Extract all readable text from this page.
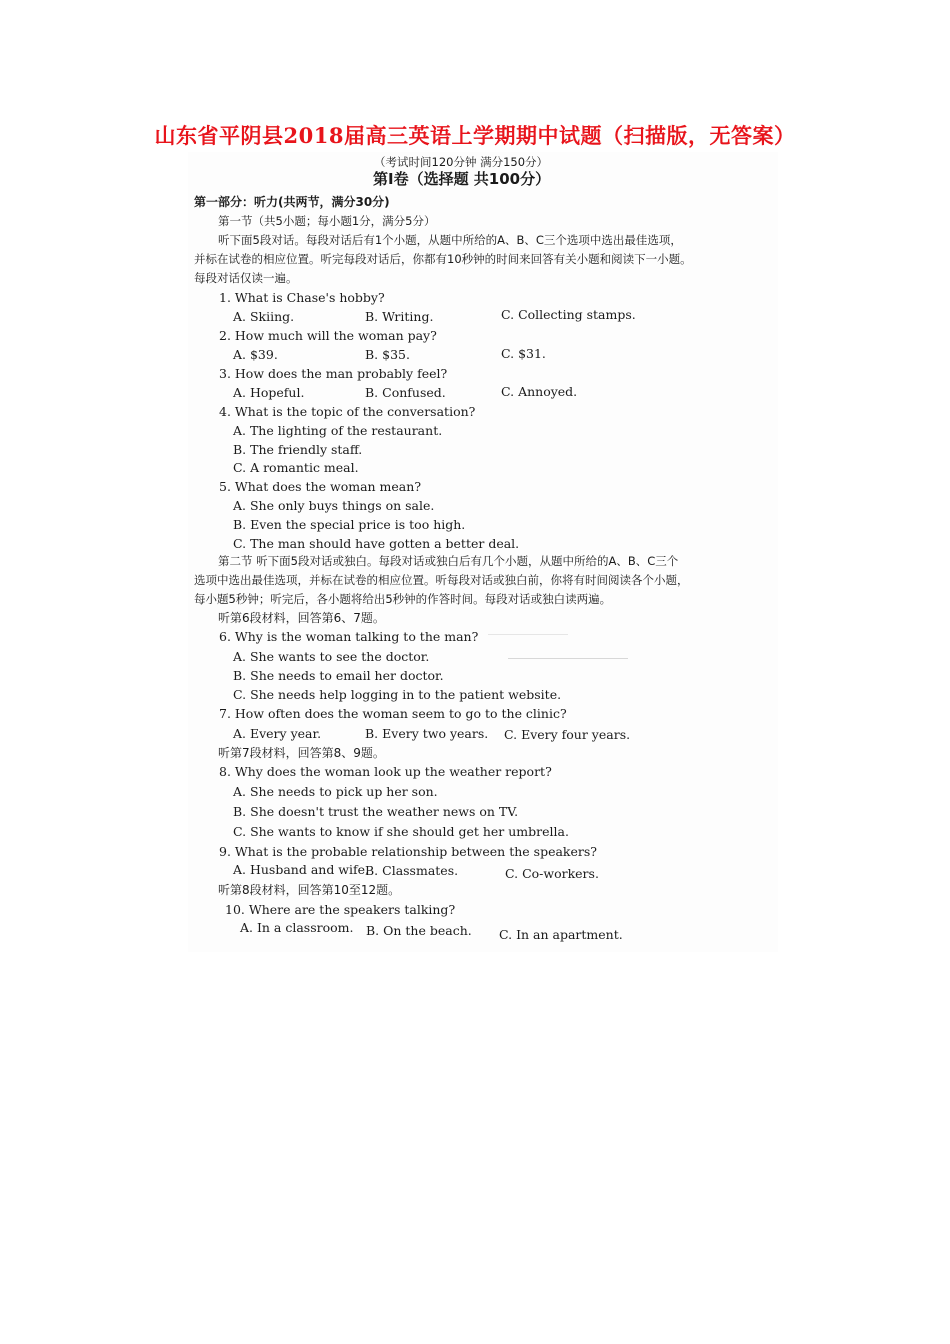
山东省平阴县2018届高三英语上学期期中试题（扫描版，无答案）
（考试时间120分钟 满分150分）
第Ⅰ卷（选择题 共100分）
第一部分：听力(共两节，满分30分)
第一节（共5小题；每小题1分，满分5分）
听下面5段对话。每段对话后有1个小题，从题中所给的A、B、C三个选项中选出最佳选项，
并标在试卷的相应位置。听完每段对话后，你都有10秒钟的时间来回答有关小题和阅读下一小题。
每段对话仅读一遍。
1. What is Chase's hobby?
A. Skiing.	B. Writing.	C. Collecting stamps.
2. How much will the woman pay?
A. $39.	B. $35.	C. $31.
3. How does the man probably feel?
A. Hopeful.	B. Confused.	C. Annoyed.
4. What is the topic of the conversation?
A. The lighting of the restaurant.
B. The friendly staff.
C. A romantic meal.
5. What does the woman mean?
A. She only buys things on sale.
B. Even the special price is too high.
C. The man should have gotten a better deal.
第二节 听下面5段对话或独白。每段对话或独白后有几个小题，从题中所给的A、B、C三个
选项中选出最佳选项，并标在试卷的相应位置。听每段对话或独白前，你将有时间阅读各个小题，
每小题5秒钟；听完后，各小题将给出5秒钟的作答时间。每段对话或独白读两遍。
听第6段材料，回答第6、7题。
6. Why is the woman talking to the man?
A. She wants to see the doctor.
B. She needs to email her doctor.
C. She needs help logging in to the patient website.
7. How often does the woman seem to go to the clinic?
A. Every year.	B. Every two years. C. Every four years.
听第7段材料，回答第8、9题。
8. Why does the woman look up the weather report?
A. She needs to pick up her son.
B. She doesn't trust the weather news on TV.
C. She wants to know if she should get her umbrella.
9. What is the probable relationship between the speakers?
A. Husband and wife.
B. Classmates.	C. Co-workers.
听第8段材料，回答第10至12题。
10. Where are the speakers talking?
A. In a classroom. B. On the beach. C. In an apartment.
